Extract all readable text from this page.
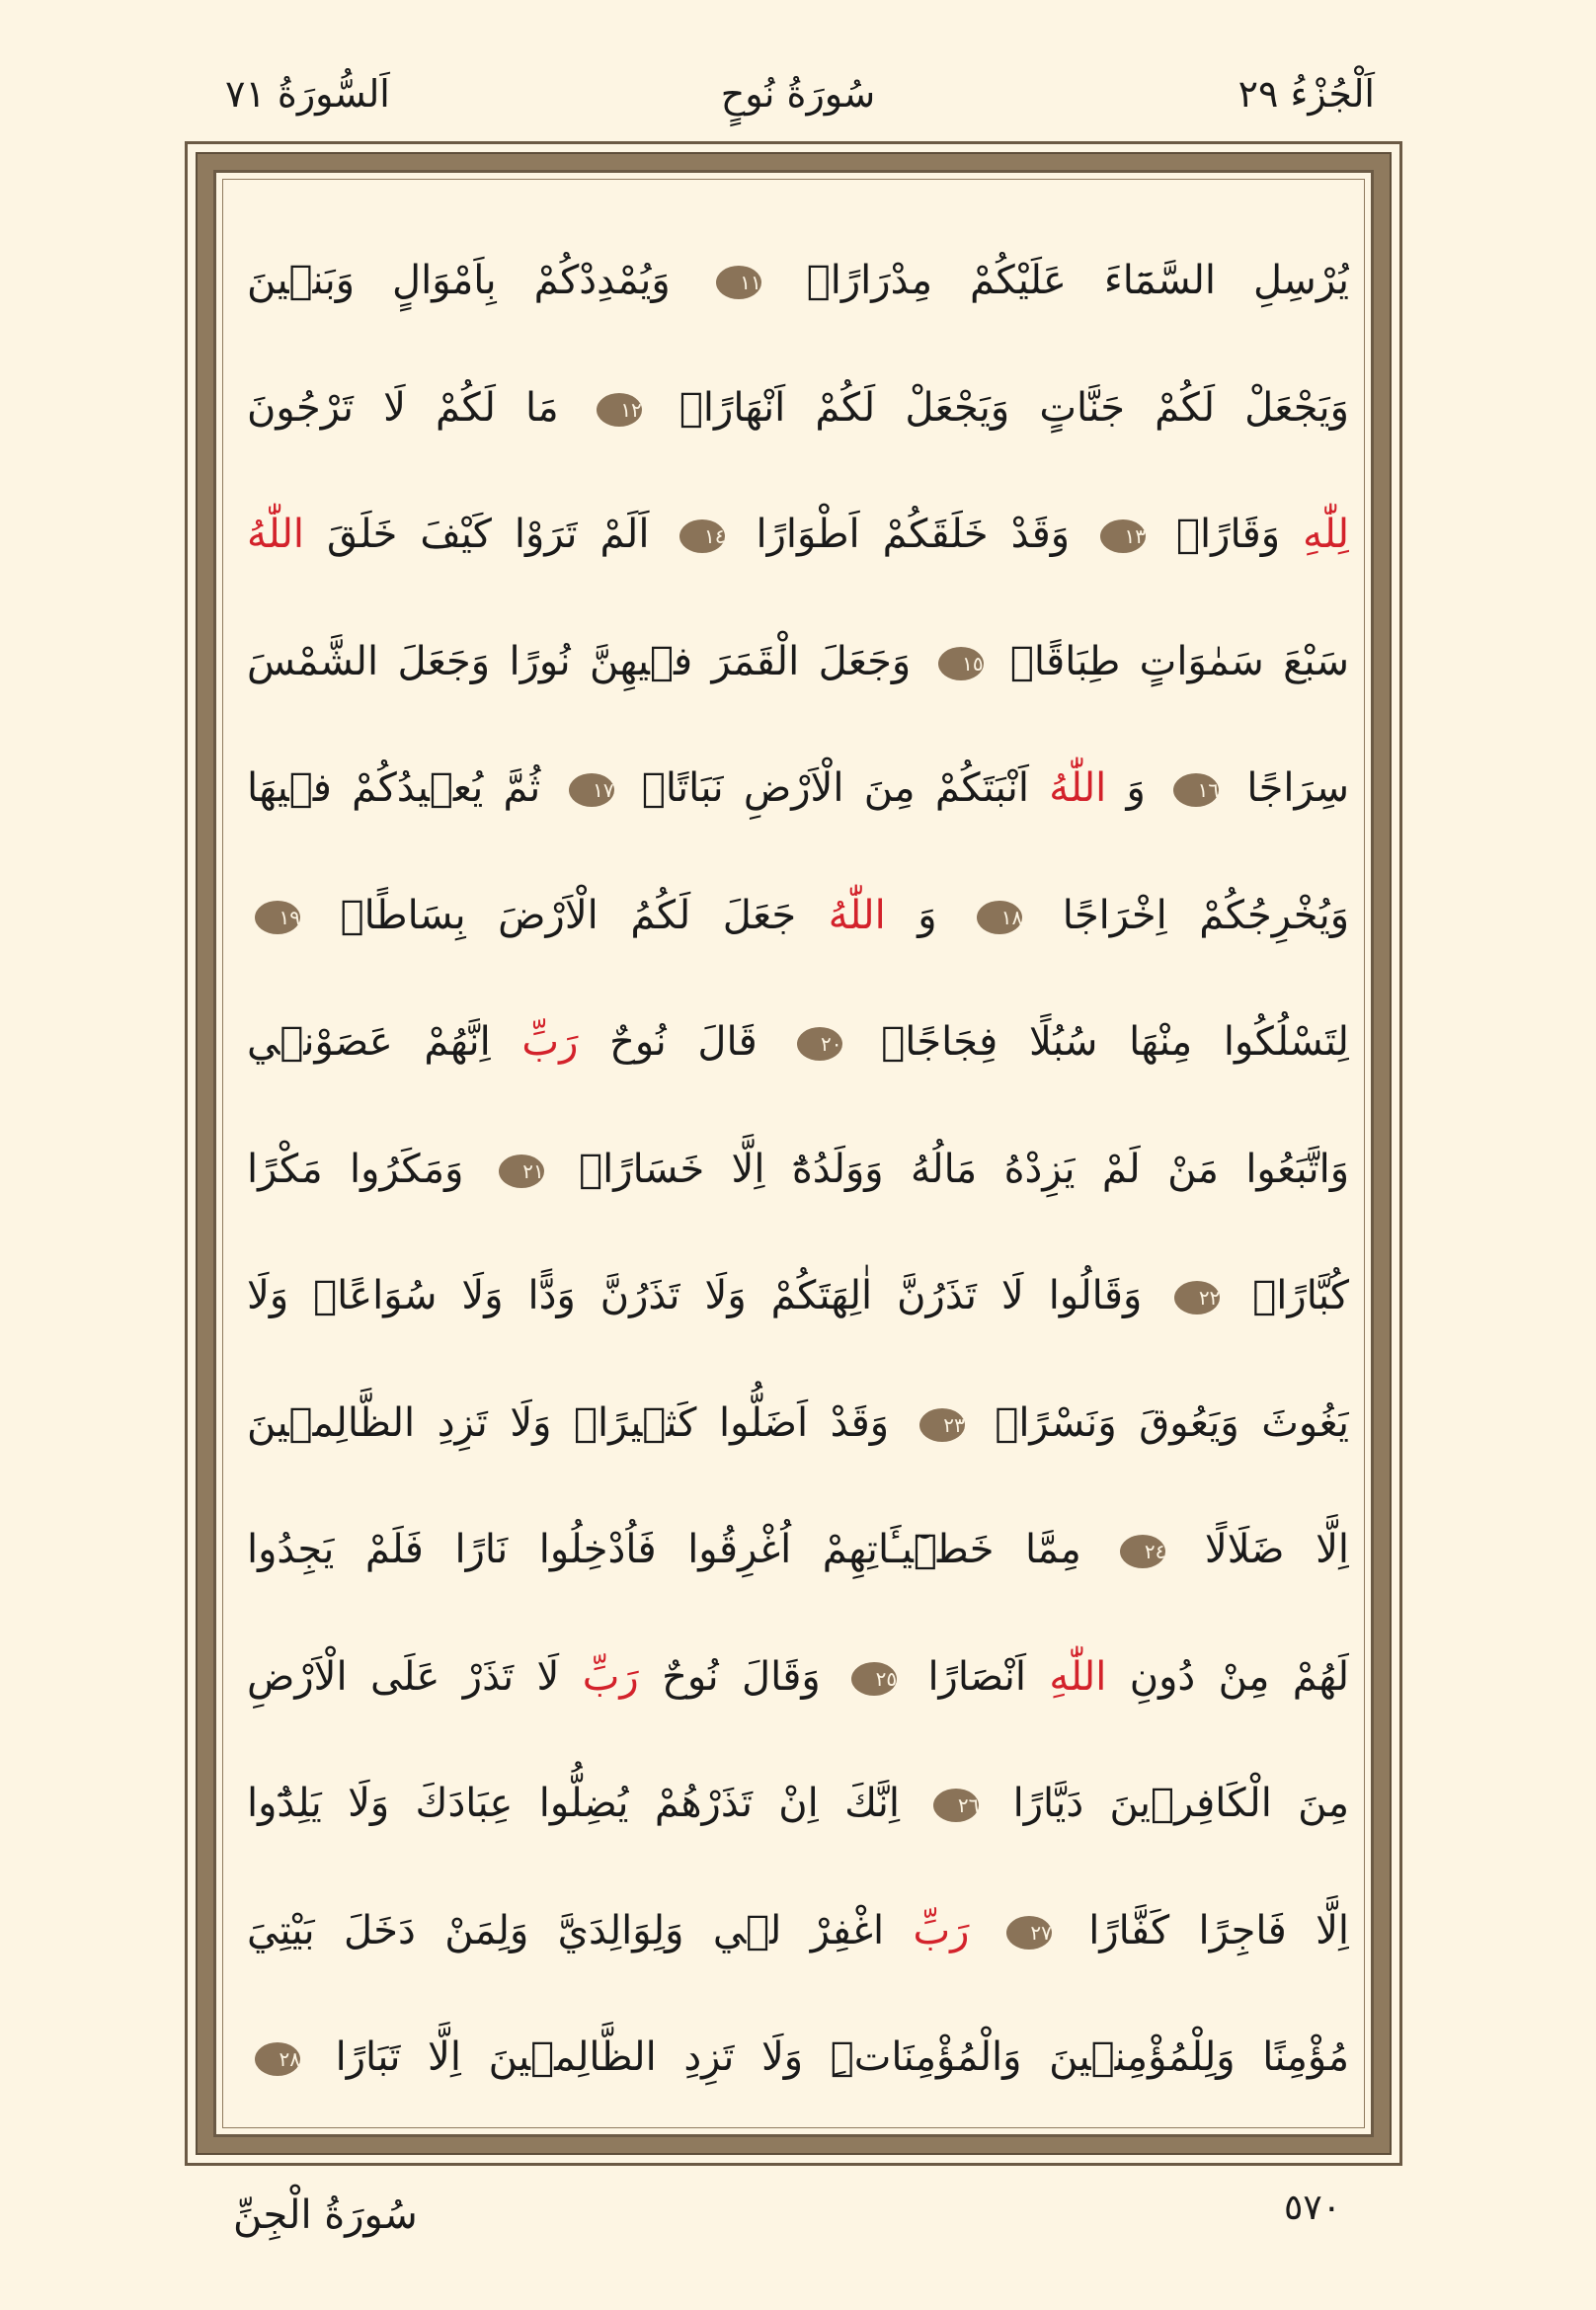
اَلْجُزْءُ ٢٩
سُورَةُ نُوحٍ
اَلسُّورَةُ ٧١
يُرْسِلِ السَّمَٓاءَ عَلَيْكُمْ مِدْرَارًاۙ ١١ وَيُمْدِدْكُمْ بِاَمْوَالٍ وَبَن۪ينَ
وَيَجْعَلْ لَكُمْ جَنَّاتٍ وَيَجْعَلْ لَكُمْ اَنْهَارًاۜ ١٢ مَا لَكُمْ لَا تَرْجُونَ
لِلّٰهِ وَقَارًاۚ ١٣ وَقَدْ خَلَقَكُمْ اَطْوَارًا ١٤ اَلَمْ تَرَوْا كَيْفَ خَلَقَ اللّٰهُ
سَبْعَ سَمٰوَاتٍ طِبَاقًاۙ ١٥ وَجَعَلَ الْقَمَرَ ف۪يهِنَّ نُورًا وَجَعَلَ الشَّمْسَ
سِرَاجًا ١٦ وَ اللّٰهُ اَنْبَتَكُمْ مِنَ الْاَرْضِ نَبَاتًاۙ ١٧ ثُمَّ يُع۪يدُكُمْ ف۪يهَا
وَيُخْرِجُكُمْ اِخْرَاجًا ١٨ وَ اللّٰهُ جَعَلَ لَكُمُ الْاَرْضَ بِسَاطًاۙ ١٩
لِتَسْلُكُوا مِنْهَا سُبُلًا فِجَاجًا۟ ٢٠ قَالَ نُوحٌ رَبِّ اِنَّهُمْ عَصَوْن۪ي
وَاتَّبَعُوا مَنْ لَمْ يَزِدْهُ مَالُهُ وَوَلَدُهُٓ اِلَّا خَسَارًاۚ ٢١ وَمَكَرُوا مَكْرًا
كُبَّارًاۚ ٢٢ وَقَالُوا لَا تَذَرُنَّ اٰلِهَتَكُمْ وَلَا تَذَرُنَّ وَدًّا وَلَا سُوَاعًاۙ وَلَا
يَغُوثَ وَيَعُوقَ وَنَسْرًاۚ ٢٣ وَقَدْ اَضَلُّوا كَث۪يرًاۚ وَلَا تَزِدِ الظَّالِم۪ينَ
اِلَّا ضَلَالًا ٢٤ مِمَّا خَط۪ٓيـَٔاتِهِمْ اُغْرِقُوا فَاُدْخِلُوا نَارًا فَلَمْ يَجِدُوا
لَهُمْ مِنْ دُونِ اللّٰهِ اَنْصَارًا ٢٥ وَقَالَ نُوحٌ رَبِّ لَا تَذَرْ عَلَى الْاَرْضِ
مِنَ الْكَافِر۪ينَ دَيَّارًا ٢٦ اِنَّكَ اِنْ تَذَرْهُمْ يُضِلُّوا عِبَادَكَ وَلَا يَلِدُٓوا
اِلَّا فَاجِرًا كَفَّارًا ٢٧ رَبِّ اغْفِرْ ل۪ي وَلِوَالِدَيَّ وَلِمَنْ دَخَلَ بَيْتِيَ
مُؤْمِنًا وَلِلْمُؤْمِن۪ينَ وَالْمُؤْمِنَاتِۜ وَلَا تَزِدِ الظَّالِم۪ينَ اِلَّا تَبَارًا ٢٨
٥٧٠
سُورَةُ الْجِنِّ
